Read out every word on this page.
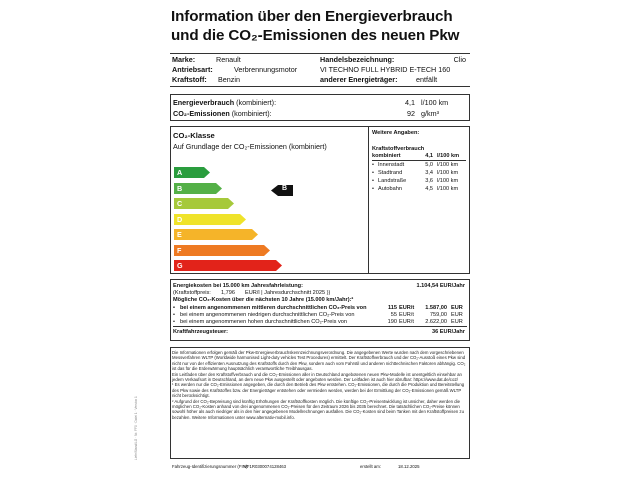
Information über den Energieverbrauch
und die CO₂-Emissionen des neuen Pkw
Marke:	Renault
Antriebsart:	Verbrennungsmotor
Kraftstoff: Benzin
Handelsbezeichnung:	Clio
VI TECHNO FULL HYBRID E-TECH 160
anderer Energieträger:	entfällt
Energieverbrauch (kombiniert):	4,1 l/100 km
CO₂-Emissionen (kombiniert):	92 g/km³
CO₂-Klasse
Auf Grundlage der CO₂-Emissionen (kombiniert)
Weitere Angaben:
Kraftstoffverbrauch
kombiniert	4,1 l/100 km
• Innenstadt	5,0 l/100 km
• Stadtrand	3,4 l/100 km
• Landstraße	3,6 l/100 km
• Autobahn	4,5 l/100 km
A
B
C
D
E
F
G
B
Energiekosten bei 15.000 km Jahresfahrleistung:	1.104,54 EUR/Jahr
(Kraftstoffpreis: 1,796 EUR/l | Jahresdurchschnitt 2025 ))
Mögliche CO₂-Kosten über die nächsten 10 Jahre (15.000 km/Jahr):²
• bei einem angenommenen mittleren durchschnittlichen CO₂-Preis von	115 EUR/t	1.587,00 EUR
• bei einem angenommenen niedrigen durchschnittlichen CO₂-Preis von	55 EUR/t	759,00 EUR
• bei einem angenommenen hohen durchschnittlichen CO₂-Preis von	190 EUR/t	2.622,00 EUR
Kraftfahrzeugsteuer:	36 EUR/Jahr
Liefe/Stand/LG · Nr. FF0 · Datei 1 · Version 1

Die Informationen erfolgen gemäß der Pkw-Energieverbrauchskennzeichnungsverordnung. Die angegebenen Werte wurden nach dem vorgeschriebenen Messverfahren WLTP (Worldwide harmonised Light-duty vehicles Test Procedures) ermittelt. Der Kraftstoffverbrauch und der CO₂-Ausstoß eines Pkw sind nicht nur von der effizienten Ausnutzung des Kraftstoffs durch den Pkw, sondern auch vom Fahrstil und anderen nichttechnischen Faktoren abhängig. CO₂ ist das für die Erderwärmung hauptsächlich verantwortliche Treibhausgas.

Ein Leitfaden über den Kraftstoffverbrauch und die CO₂-Emissionen aller in Deutschland angebotenen neuen Pkw-Modelle ist unentgeltlich einsehbar an jedem Verkaufsort in Deutschland, an dem neue Pkw ausgestellt oder angeboten werden. Der Leitfaden ist auch hier abrufbar: https://www.dat.de/co2/

¹ Es werden nur die CO₂-Emissionen angegeben, die durch den Betrieb des Pkw entstehen. CO₂-Emissionen, die durch die Produktion und Bereitstellung des Pkw sowie des Kraftstoffes bzw. der Energieträger entstehen oder vermieden werden, werden bei der Ermittlung der CO₂-Emissionen gemäß WLTP nicht berücksichtigt.

² Aufgrund der CO₂-Bepreisung sind künftig Erhöhungen der Kraftstoffkosten möglich. Die künftige CO₂-Preisentwicklung ist unsicher, daher werden die möglichen CO₂-Kosten anhand von drei angenommenen CO₂-Preisen für den Zeitraum 2026 bis 2035 berechnet. Die tatsächlichen CO₂-Preise können sowohl höher als auch niedriger als in den hier angegebenen Modellrechnungen ausfallen. Die CO₂-Kosten sind beim Tanken mit den Kraftstoffpreisen zu bezahlen. Weitere Informationen unter www.alternativ-mobil.info.

Fahrzeug-Identifizierungsnummer (FIN):
VF1R0300074128463	erstellt am:	18.12.2025
